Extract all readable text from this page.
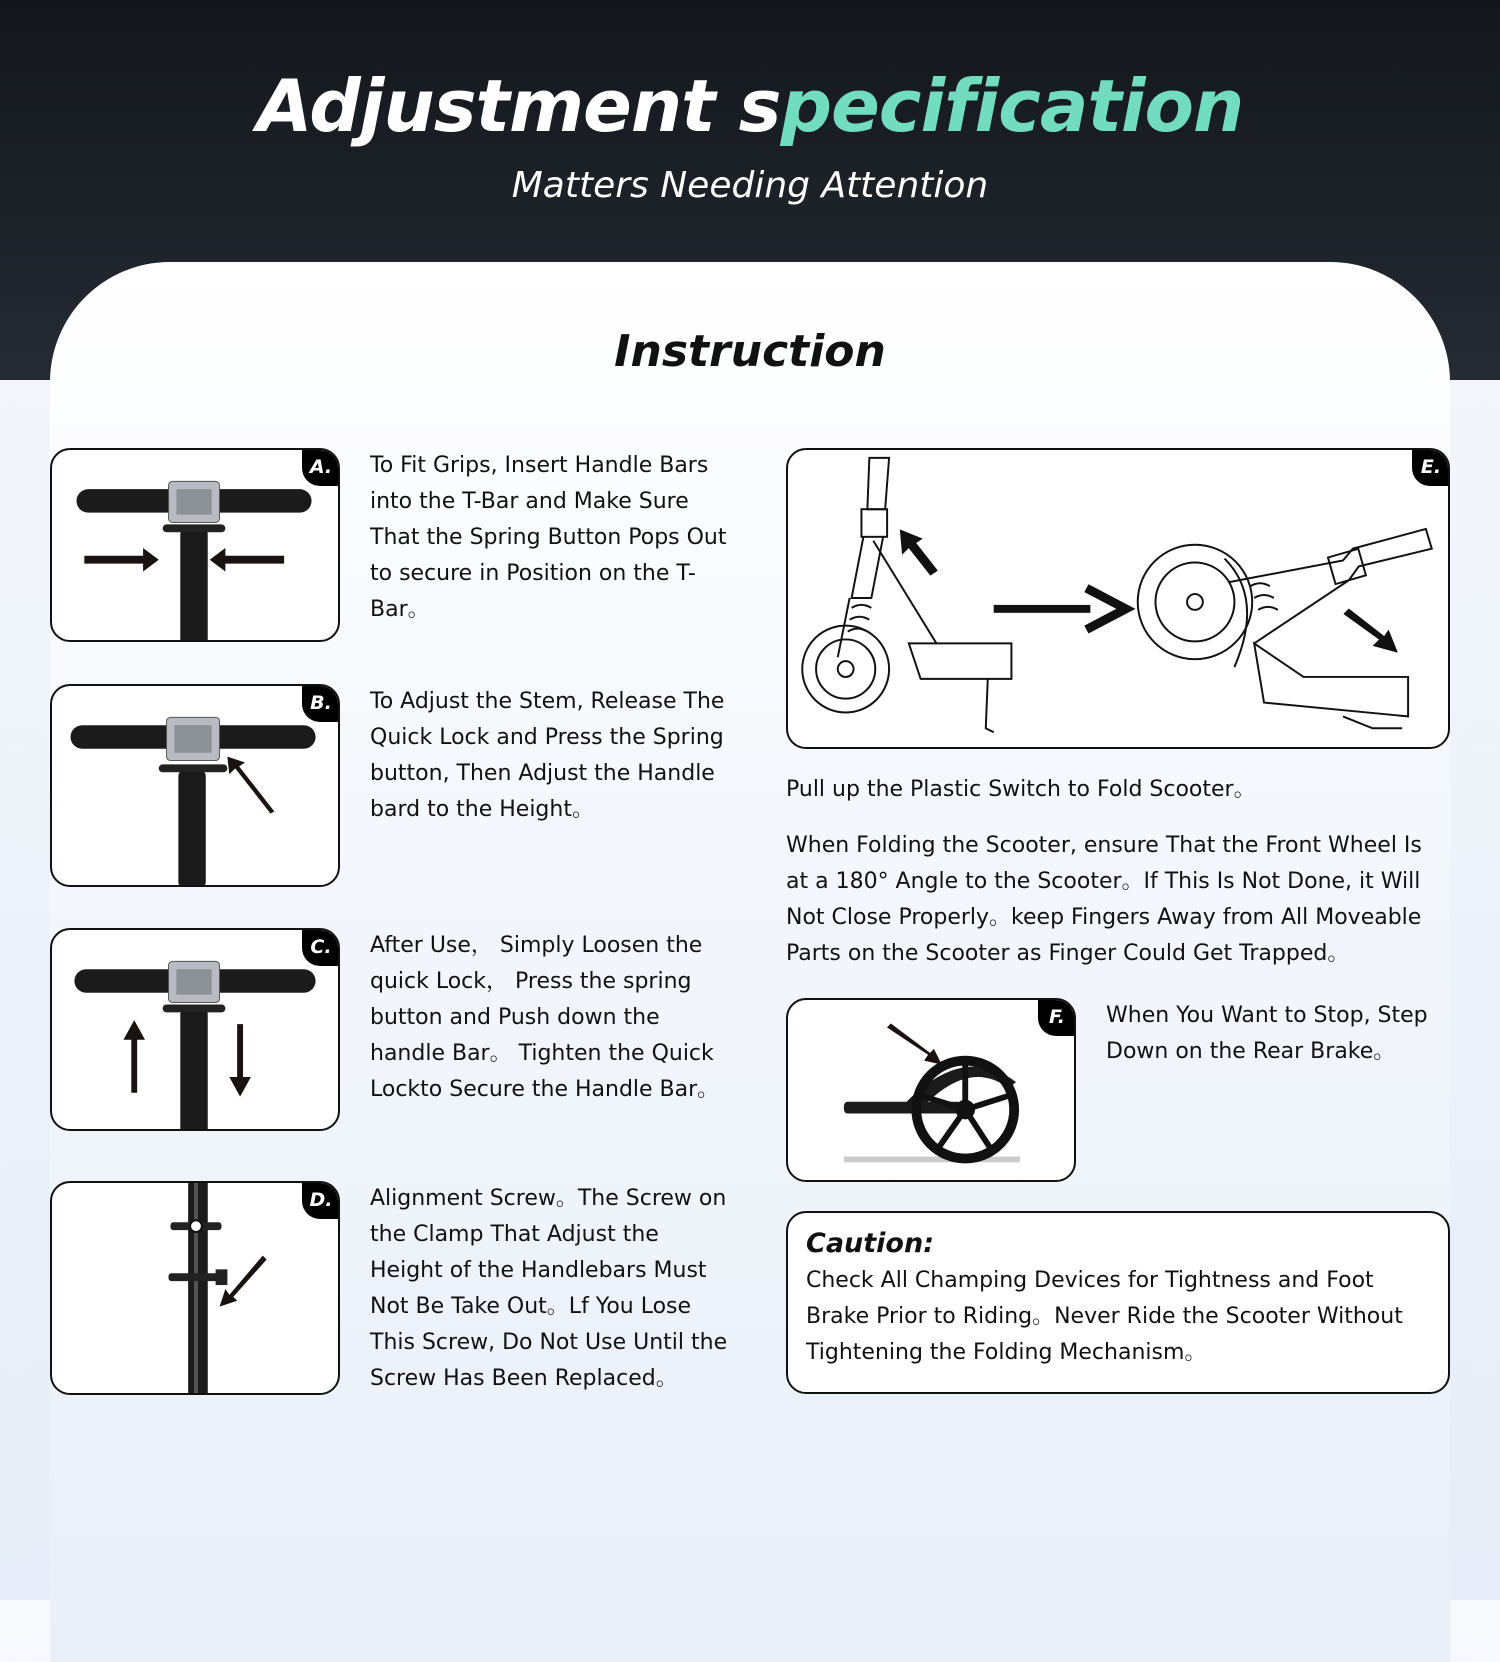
Adjustment specification
Matters Needing Attention
Instruction
A.	To Fit Grips, Insert Handle Bars into the T-Bar and Make Sure That the Spring Button Pops Out to secure in Position on the T-Bar。
B.	To Adjust the Stem, Release The Quick Lock and Press the Spring button, Then Adjust the Handle bard to the Height。
C.	After Use， Simply Loosen the quick Lock， Press the spring button and Push down the handle Bar。 Tighten the Quick Lockto Secure the Handle Bar。
D.	Alignment Screw。The Screw on the Clamp That Adjust the Height of the Handlebars Must Not Be Take Out。Lf You Lose This Screw, Do Not Use Until the Screw Has Been Replaced。
E.
Pull up the Plastic Switch to Fold Scooter。
When Folding the Scooter, ensure That the Front Wheel Is at a 180° Angle to the Scooter。If This Is Not Done, it Will Not Close Properly。keep Fingers Away from All Moveable Parts on the Scooter as Finger Could Get Trapped。
F.	When You Want to Stop, Step Down on the Rear Brake。
Caution:
Check All Champing Devices for Tightness and Foot Brake Prior to Riding。Never Ride the Scooter Without Tightening the Folding Mechanism。
